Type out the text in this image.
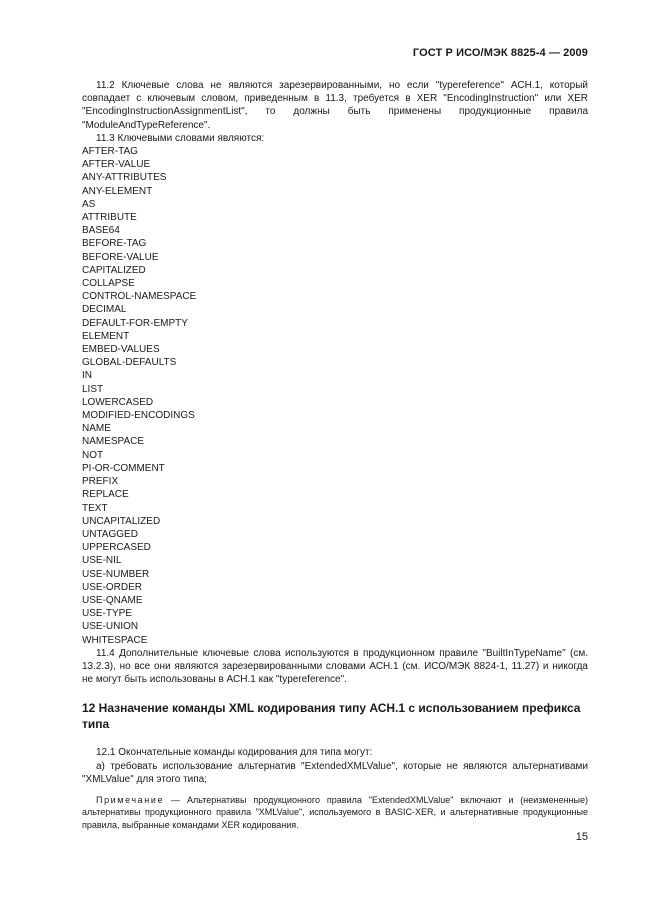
ГОСТ Р ИСО/МЭК 8825-4 — 2009

11.2 Ключевые слова не являются зарезервированными, но если "typereference" АСН.1, который совпадает с ключевым словом, приведенным в 11.3, требуется в XER "EncodingInstruction" или XER "EncodingInstructionAssignmentList", то должны быть применены продукционные правила "ModuleAndTypeReference".

11.3 Ключевыми словами являются:

AFTER-TAG
AFTER-VALUE
ANY-ATTRIBUTES
ANY-ELEMENT
AS
ATTRIBUTE
BASE64
BEFORE-TAG
BEFORE-VALUE
CAPITALIZED
COLLAPSE
CONTROL-NAMESPACE
DECIMAL
DEFAULT-FOR-EMPTY
ELEMENT
EMBED-VALUES
GLOBAL-DEFAULTS
IN
LIST
LOWERCASED
MODIFIED-ENCODINGS
NAME
NAMESPACE
NOT
PI-OR-COMMENT
PREFIX
REPLACE
TEXT
UNCAPITALIZED
UNTAGGED
UPPERCASED
USE-NIL
USE-NUMBER
USE-ORDER
USE-QNAME
USE-TYPE
USE-UNION
WHITESPACE

11.4 Дополнительные ключевые слова используются в продукционном правиле "BuiltInTypeName" (см. 13.2.3), но все они являются зарезервированными словами АСН.1 (см. ИСО/МЭК 8824-1, 11.27) и никогда не могут быть использованы в АСН.1 как "typereference".

12 Назначение команды XML кодирования типу АСН.1 с использованием префикса типа

12.1 Окончательные команды кодирования для типа могут:

а) требовать использование альтернатив "ExtendedXMLValue", которые не являются альтернативами "XMLValue" для этого типа;

Примечание — Альтернативы продукционного правила "ExtendedXMLValue" включают и (неизмененные) альтернативы продукционного правила "XMLValue", используемого в BASIC-XER, и альтернативные продукционные правила, выбранные командами XER кодирования.

15
